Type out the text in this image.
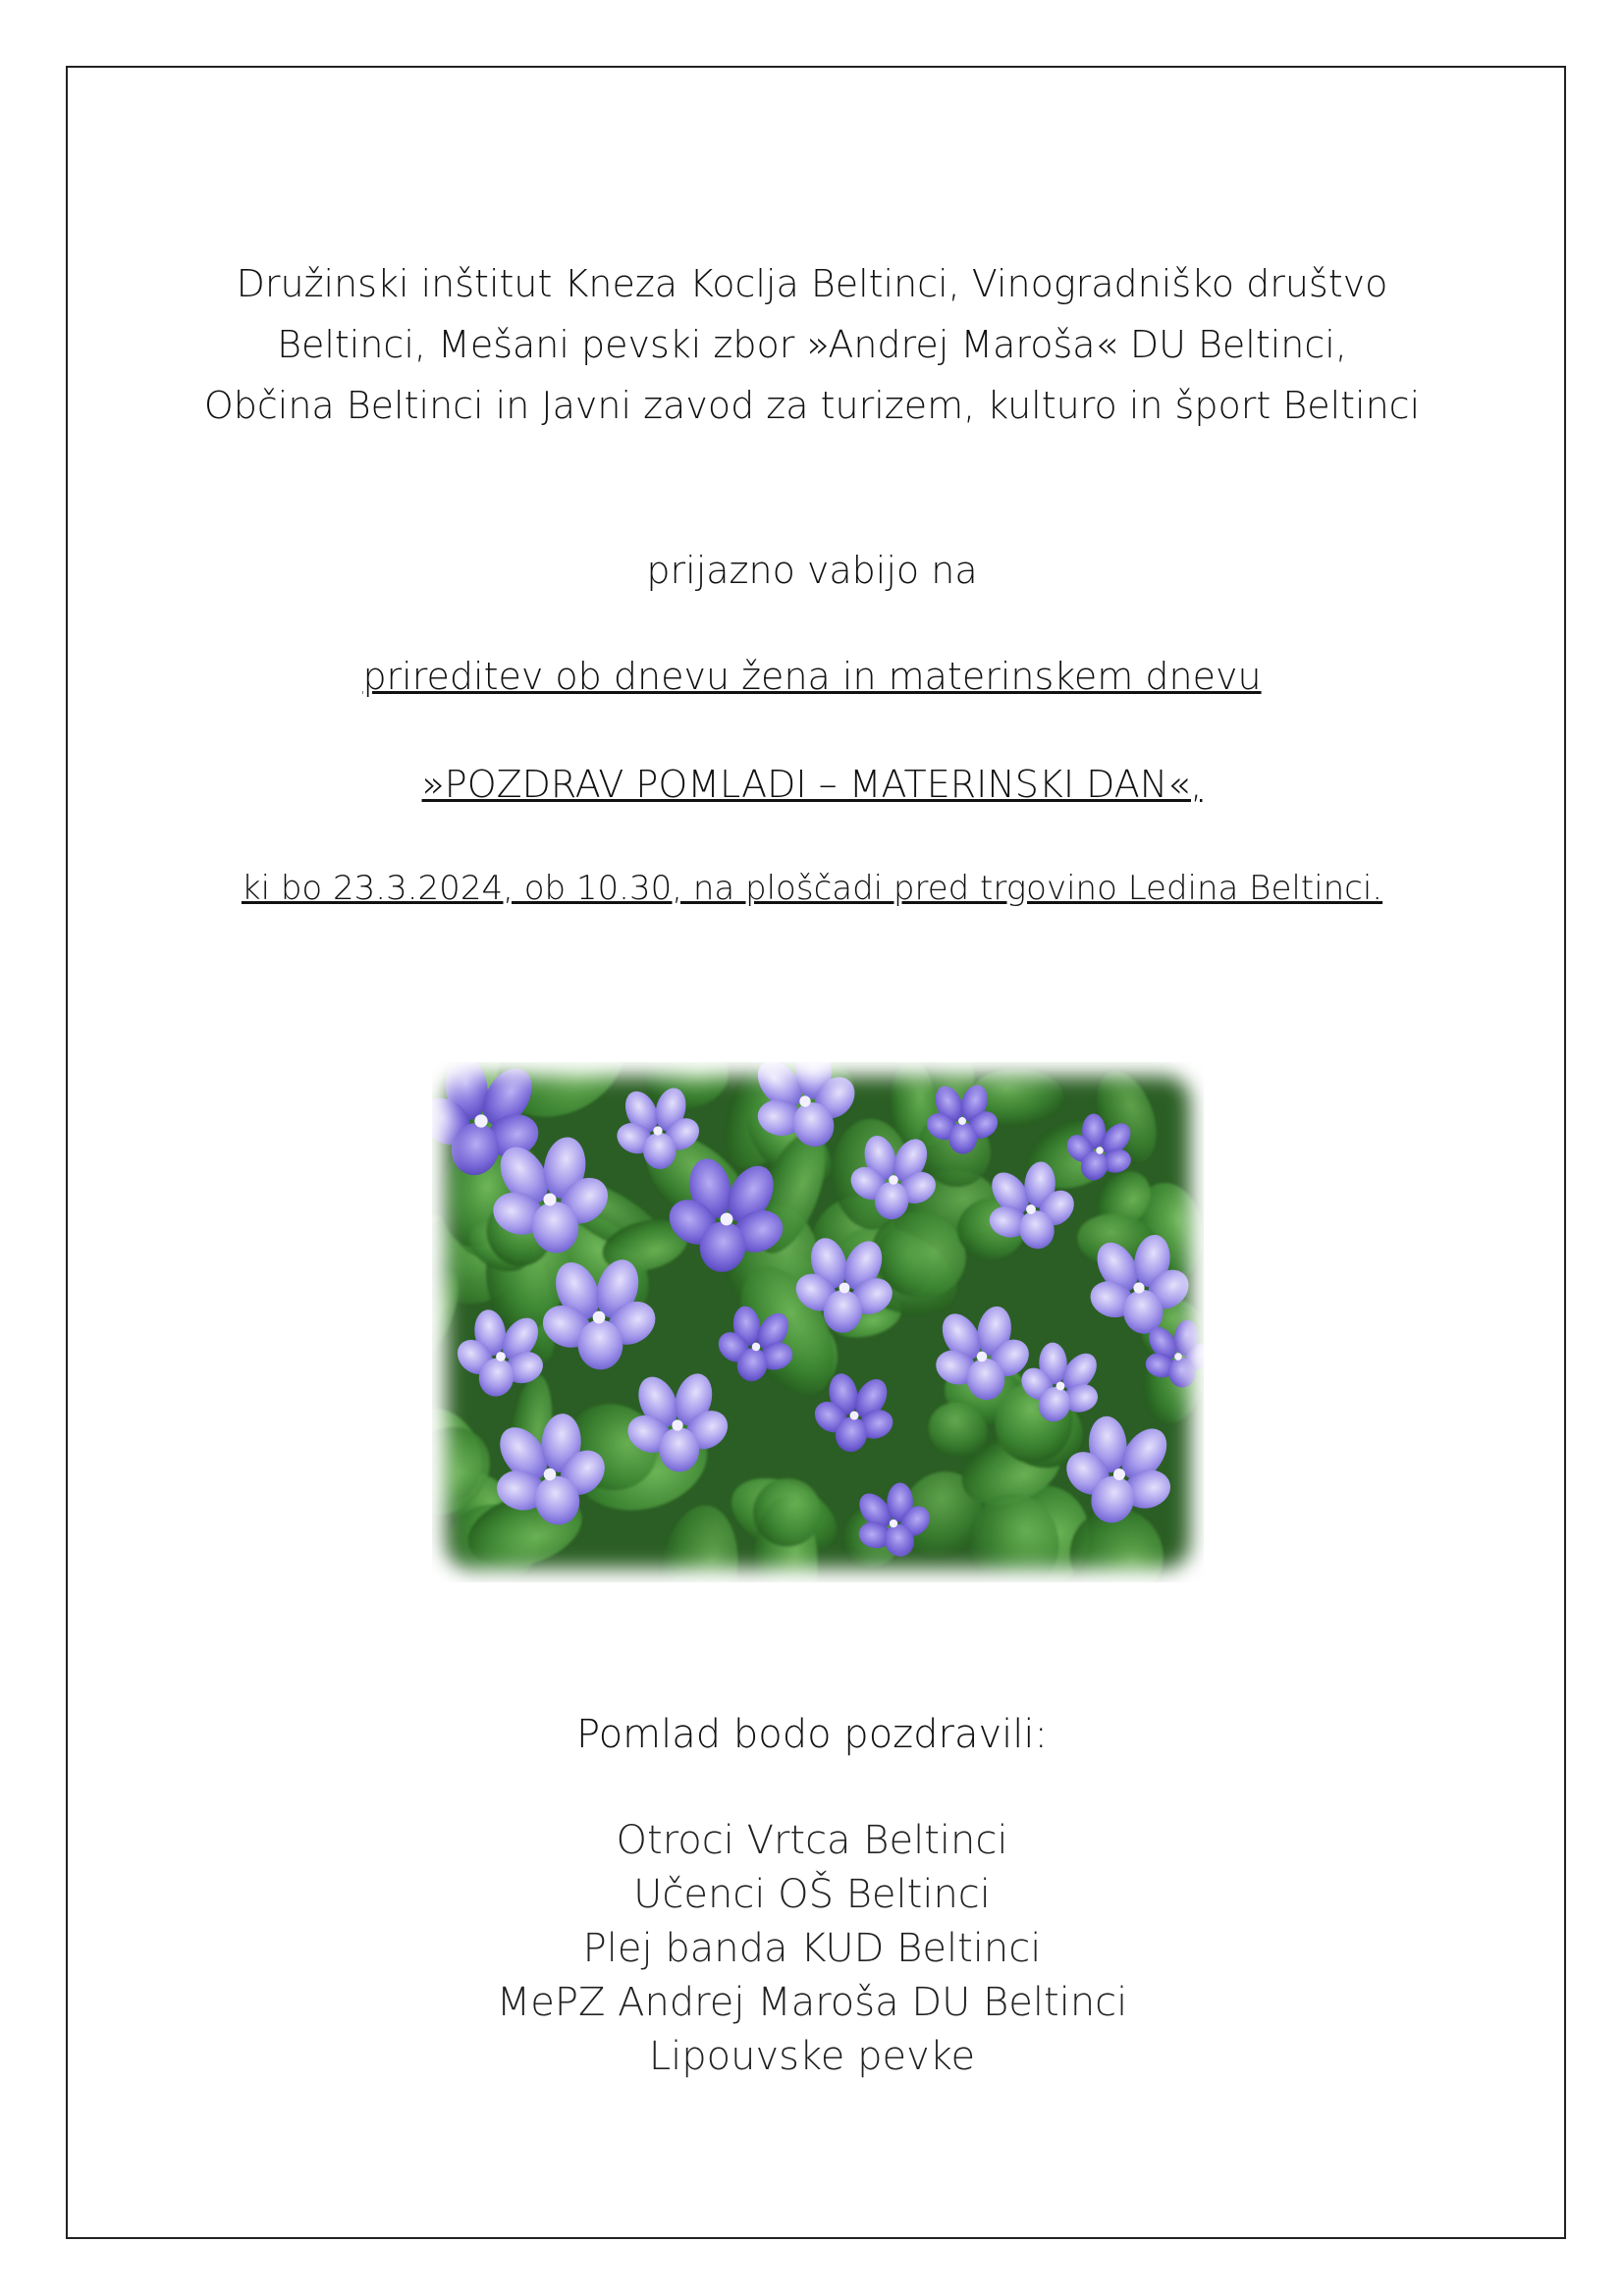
Družinski inštitut Kneza Koclja Beltinci, Vinogradniško društvo
Beltinci, Mešani pevski zbor »Andrej Maroša« DU Beltinci,
Občina Beltinci in Javni zavod za turizem, kulturo in šport Beltinci
prijazno vabijo na
prireditev ob dnevu žena in materinskem dnevu
»POZDRAV POMLADI – MATERINSKI DAN«,
ki bo 23.3.2024, ob 10.30, na ploščadi pred trgovino Ledina Beltinci.
Pomlad bodo pozdravili:
Otroci Vrtca Beltinci
Učenci OŠ Beltinci
Plej banda KUD Beltinci
MePZ Andrej Maroša DU Beltinci
Lipouvske pevke
